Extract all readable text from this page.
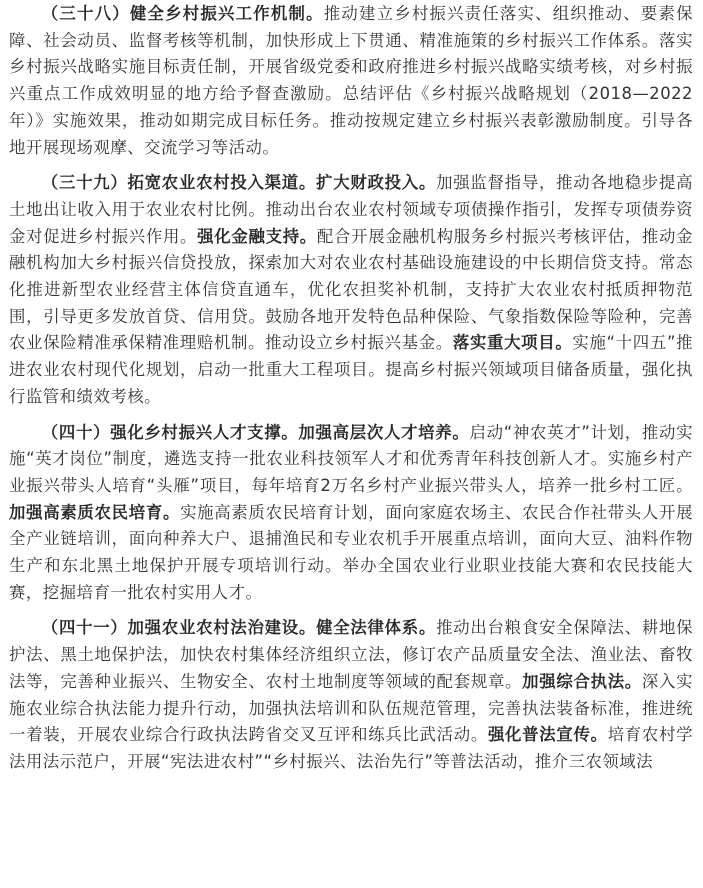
（三十八）健全乡村振兴工作机制。推动建立乡村振兴责任落实、组织推动、要素保障、社会动员、监督考核等机制，加快形成上下贯通、精准施策的乡村振兴工作体系。落实乡村振兴战略实施目标责任制，开展省级党委和政府推进乡村振兴战略实绩考核，对乡村振兴重点工作成效明显的地方给予督查激励。总结评估《乡村振兴战略规划（2018—2022年）》实施效果，推动如期完成目标任务。推动按规定建立乡村振兴表彰激励制度。引导各地开展现场观摩、交流学习等活动。

（三十九）拓宽农业农村投入渠道。扩大财政投入。加强监督指导，推动各地稳步提高土地出让收入用于农业农村比例。推动出台农业农村领域专项债操作指引，发挥专项债券资金对促进乡村振兴作用。强化金融支持。配合开展金融机构服务乡村振兴考核评估，推动金融机构加大乡村振兴信贷投放，探索加大对农业农村基础设施建设的中长期信贷支持。常态化推进新型农业经营主体信贷直通车，优化农担奖补机制，支持扩大农业农村抵质押物范围，引导更多发放首贷、信用贷。鼓励各地开发特色品种保险、气象指数保险等险种，完善农业保险精准承保精准理赔机制。推动设立乡村振兴基金。落实重大项目。实施“十四五”推进农业农村现代化规划，启动一批重大工程项目。提高乡村振兴领域项目储备质量，强化执行监管和绩效考核。

（四十）强化乡村振兴人才支撑。加强高层次人才培养。启动“神农英才”计划，推动实施“英才岗位”制度，遴选支持一批农业科技领军人才和优秀青年科技创新人才。实施乡村产业振兴带头人培育“头雁”项目，每年培育2万名乡村产业振兴带头人，培养一批乡村工匠。加强高素质农民培育。实施高素质农民培育计划，面向家庭农场主、农民合作社带头人开展全产业链培训，面向种养大户、退捕渔民和专业农机手开展重点培训，面向大豆、油料作物生产和东北黑土地保护开展专项培训行动。举办全国农业行业职业技能大赛和农民技能大赛，挖掘培育一批农村实用人才。

（四十一）加强农业农村法治建设。健全法律体系。推动出台粮食安全保障法、耕地保护法、黑土地保护法，加快农村集体经济组织立法，修订农产品质量安全法、渔业法、畜牧法等，完善种业振兴、生物安全、农村土地制度等领域的配套规章。加强综合执法。深入实施农业综合执法能力提升行动，加强执法培训和队伍规范管理，完善执法装备标准，推进统一着装，开展农业综合行政执法跨省交叉互评和练兵比武活动。强化普法宣传。培育农村学法用法示范户，开展“宪法进农村”“乡村振兴、法治先行”等普法活动，推介三农领域法
